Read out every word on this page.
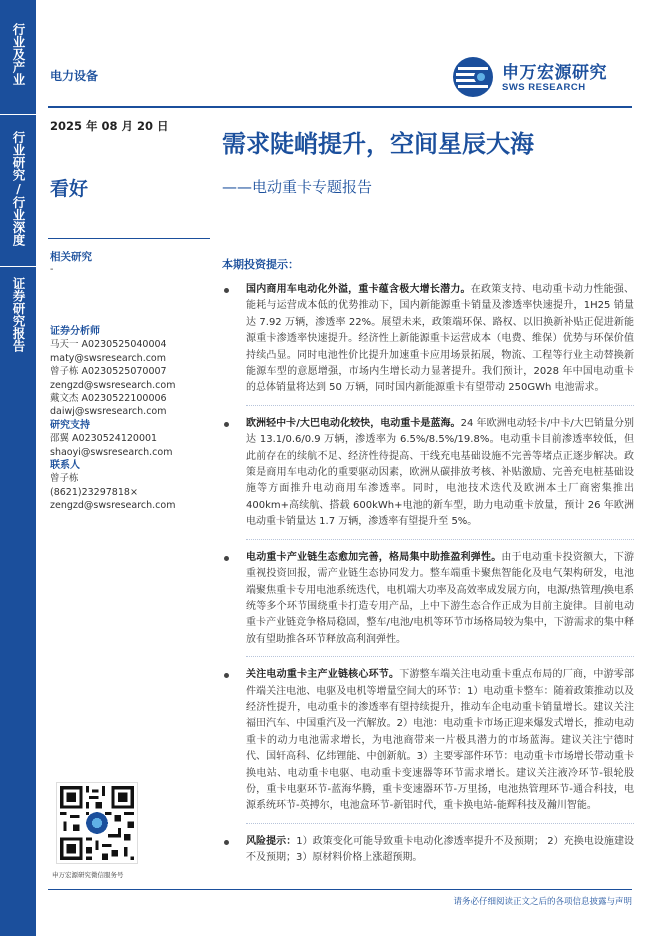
行业及产业
行业研究/行业深度
证券研究报告
电力设备	申万宏源研究
SWS RESEARCH
2025 年 08 月 20 日
需求陡峭提升，空间星辰大海
——电动重卡专题报告
看好
相关研究
-
证券分析师
马天一 A0230525040004
maty@swsresearch.com
曾子栋 A0230525070007
zengzd@swsresearch.com
戴文杰 A0230522100006
daiwj@swsresearch.com
研究支持
邵翼 A0230524120001
shaoyi@swsresearch.com
联系人
曾子栋
(8621)23297818×
zengzd@swsresearch.com
申万宏源研究微信服务号
本期投资提示：
国内商用车电动化外溢，重卡蕴含极大增长潜力。在政策支持、电动重卡动力性能强、能耗与运营成本低的优势推动下，国内新能源重卡销量及渗透率快速提升，1H25 销量达 7.92 万辆，渗透率 22%。展望未来，政策端环保、路权、以旧换新补贴正促进新能源重卡渗透率快速提升。经济性上新能源重卡运营成本（电费、维保）优势与环保价值持续凸显。同时电池性价比提升加速重卡应用场景拓展，物流、工程等行业主动替换新能源车型的意愿增强，市场内生增长动力显著提升。我们预计，2028 年中国电动重卡的总体销量将达到 50 万辆，同时国内新能源重卡有望带动 250GWh 电池需求。
欧洲轻中卡/大巴电动化较快，电动重卡是蓝海。24 年欧洲电动轻卡/中卡/大巴销量分别达 13.1/0.6/0.9 万辆，渗透率为 6.5%/8.5%/19.8%。电动重卡目前渗透率较低，但此前存在的续航不足、经济性待提高、干线充电基础设施不完善等堵点正逐步解决。政策是商用车电动化的重要驱动因素，欧洲从碳排放考核、补贴激励、完善充电桩基础设施等方面推升电动商用车渗透率。同时，电池技术迭代及欧洲本土厂商密集推出 400km+高续航、搭载 600kWh+电池的新车型，助力电动重卡放量，预计 26 年欧洲电动重卡销量达 1.7 万辆，渗透率有望提升至 5%。
电动重卡产业链生态愈加完善，格局集中助推盈利弹性。由于电动重卡投资额大，下游重视投资回报，需产业链生态协同发力。整车端重卡聚焦智能化及电气架构研发，电池端聚焦重卡专用电池系统迭代，电机端大功率及高效率成发展方向，电源/热管理/换电系统等多个环节围绕重卡打造专用产品，上中下游生态合作正成为目前主旋律。目前电动重卡产业链竞争格局稳固，整车/电池/电机等环节市场格局较为集中，下游需求的集中释放有望助推各环节释放高利润弹性。
关注电动重卡主产业链核心环节。下游整车端关注电动重卡重点布局的厂商，中游零部件端关注电池、电驱及电机等增量空间大的环节：1）电动重卡整车：随着政策推动以及经济性提升，电动重卡的渗透率有望持续提升，推动车企电动重卡销量增长。建议关注福田汽车、中国重汽及一汽解放。2）电池：电动重卡市场正迎来爆发式增长，推动电动重卡的动力电池需求增长，为电池商带来一片极具潜力的市场蓝海。建议关注宁德时代、国轩高科、亿纬锂能、中创新航。3）主要零部件环节：电动重卡市场增长带动重卡换电站、电动重卡电驱、电动重卡变速器等环节需求增长。建议关注液冷环节-银轮股份，重卡电驱环节-蓝海华腾，重卡变速器环节-万里扬，电池热管理环节-通合科技，电源系统环节-英搏尔，电池盒环节-新铝时代，重卡换电站-能辉科技及瀚川智能。
风险提示：1）政策变化可能导致重卡电动化渗透率提升不及预期； 2）充换电设施建设不及预期；3）原材料价格上涨超预期。
请务必仔细阅读正文之后的各项信息披露与声明
